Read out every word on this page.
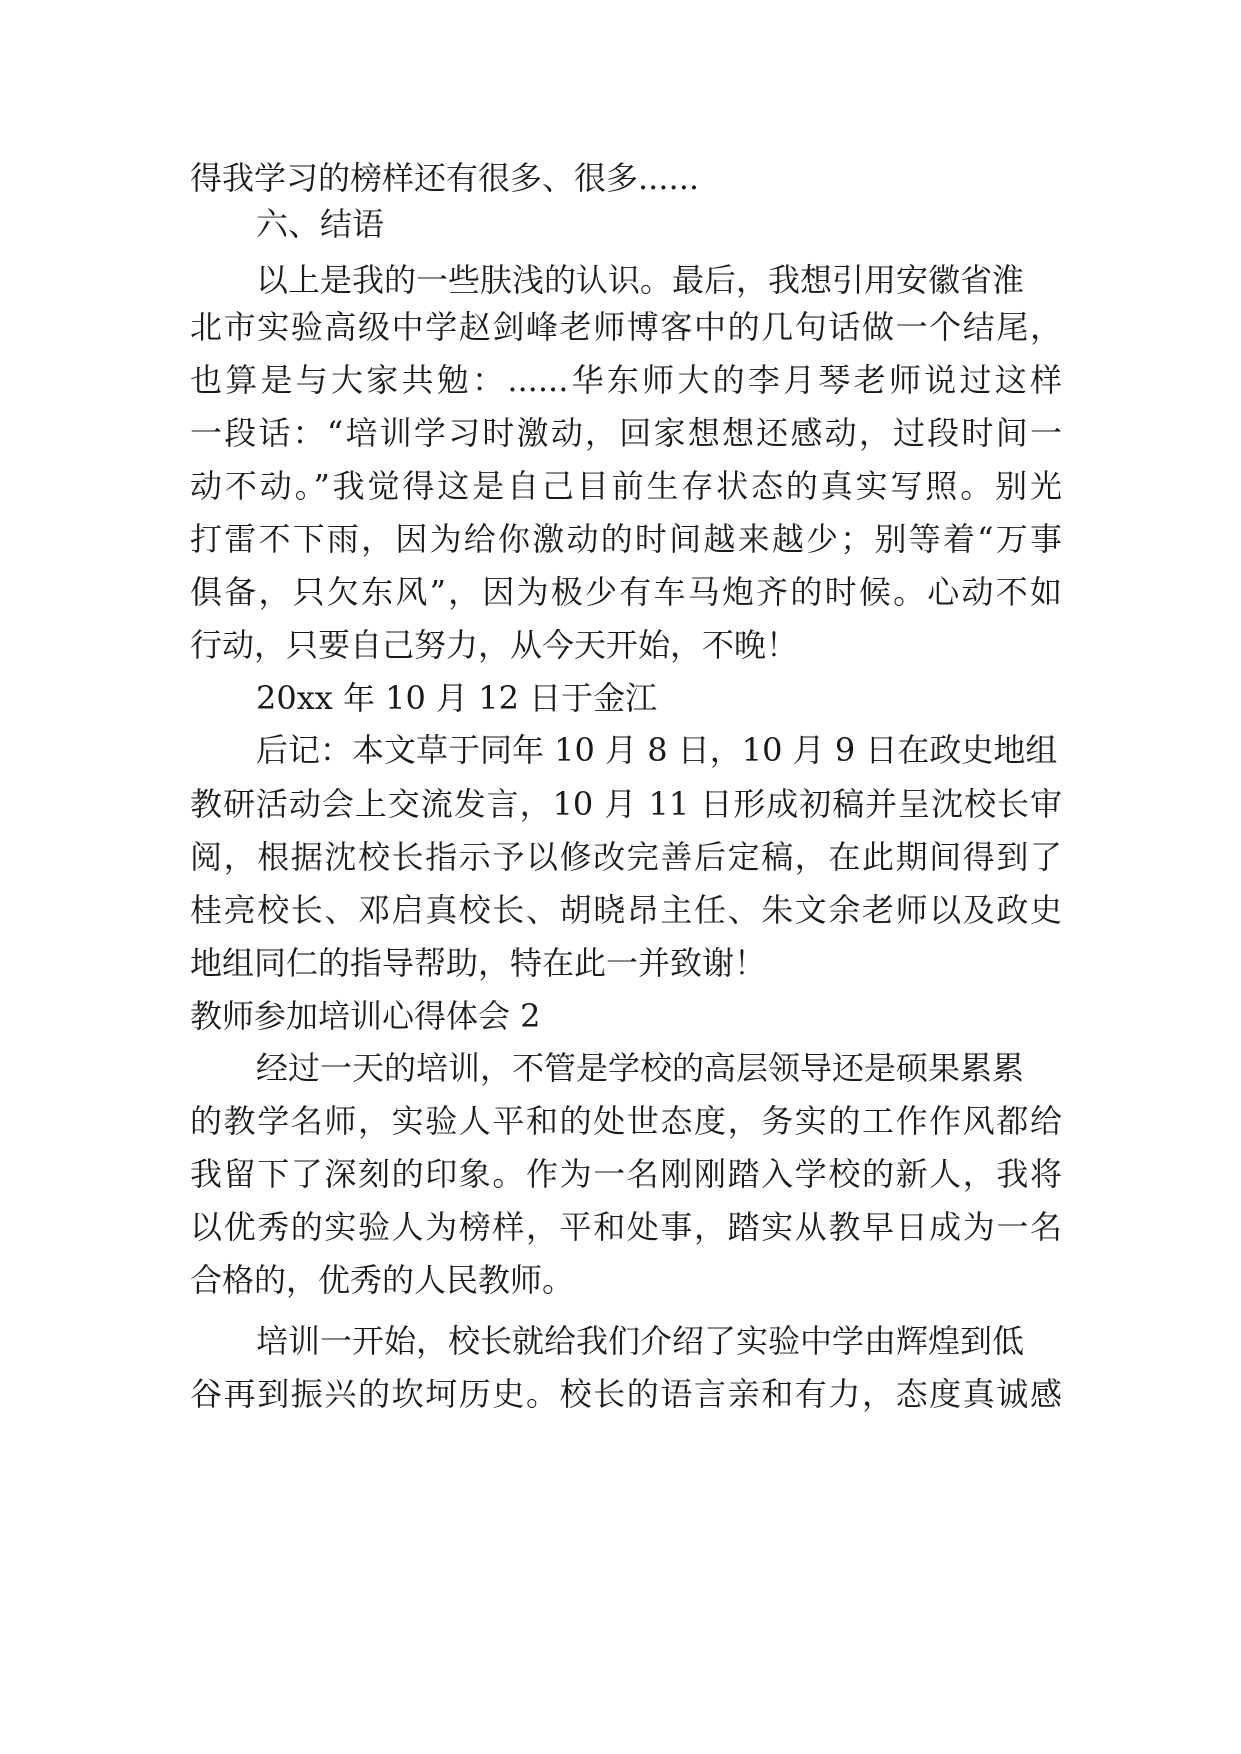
得我学习的榜样还有很多、很多......
六、结语
以上是我的一些肤浅的认识。最后，我想引用安徽省淮
北市实验高级中学赵剑峰老师博客中的几句话做一个结尾，
也算是与大家共勉：......华东师大的李月琴老师说过这样
一段话：“培训学习时激动，回家想想还感动，过段时间一
动不动。”我觉得这是自己目前生存状态的真实写照。别光
打雷不下雨，因为给你激动的时间越来越少；别等着“万事
俱备，只欠东风”，因为极少有车马炮齐的时候。心动不如
行动，只要自己努力，从今天开始，不晚！
20xx 年 10 月 12 日于金江
后记：本文草于同年 10 月 8 日，10 月 9 日在政史地组
教研活动会上交流发言，10 月 11 日形成初稿并呈沈校长审
阅，根据沈校长指示予以修改完善后定稿，在此期间得到了
桂亮校长、邓启真校长、胡晓昂主任、朱文余老师以及政史
地组同仁的指导帮助，特在此一并致谢！
教师参加培训心得体会 2
经过一天的培训，不管是学校的高层领导还是硕果累累
的教学名师，实验人平和的处世态度，务实的工作作风都给
我留下了深刻的印象。作为一名刚刚踏入学校的新人，我将
以优秀的实验人为榜样，平和处事，踏实从教早日成为一名
合格的，优秀的人民教师。
培训一开始，校长就给我们介绍了实验中学由辉煌到低
谷再到振兴的坎坷历史。校长的语言亲和有力，态度真诚感
